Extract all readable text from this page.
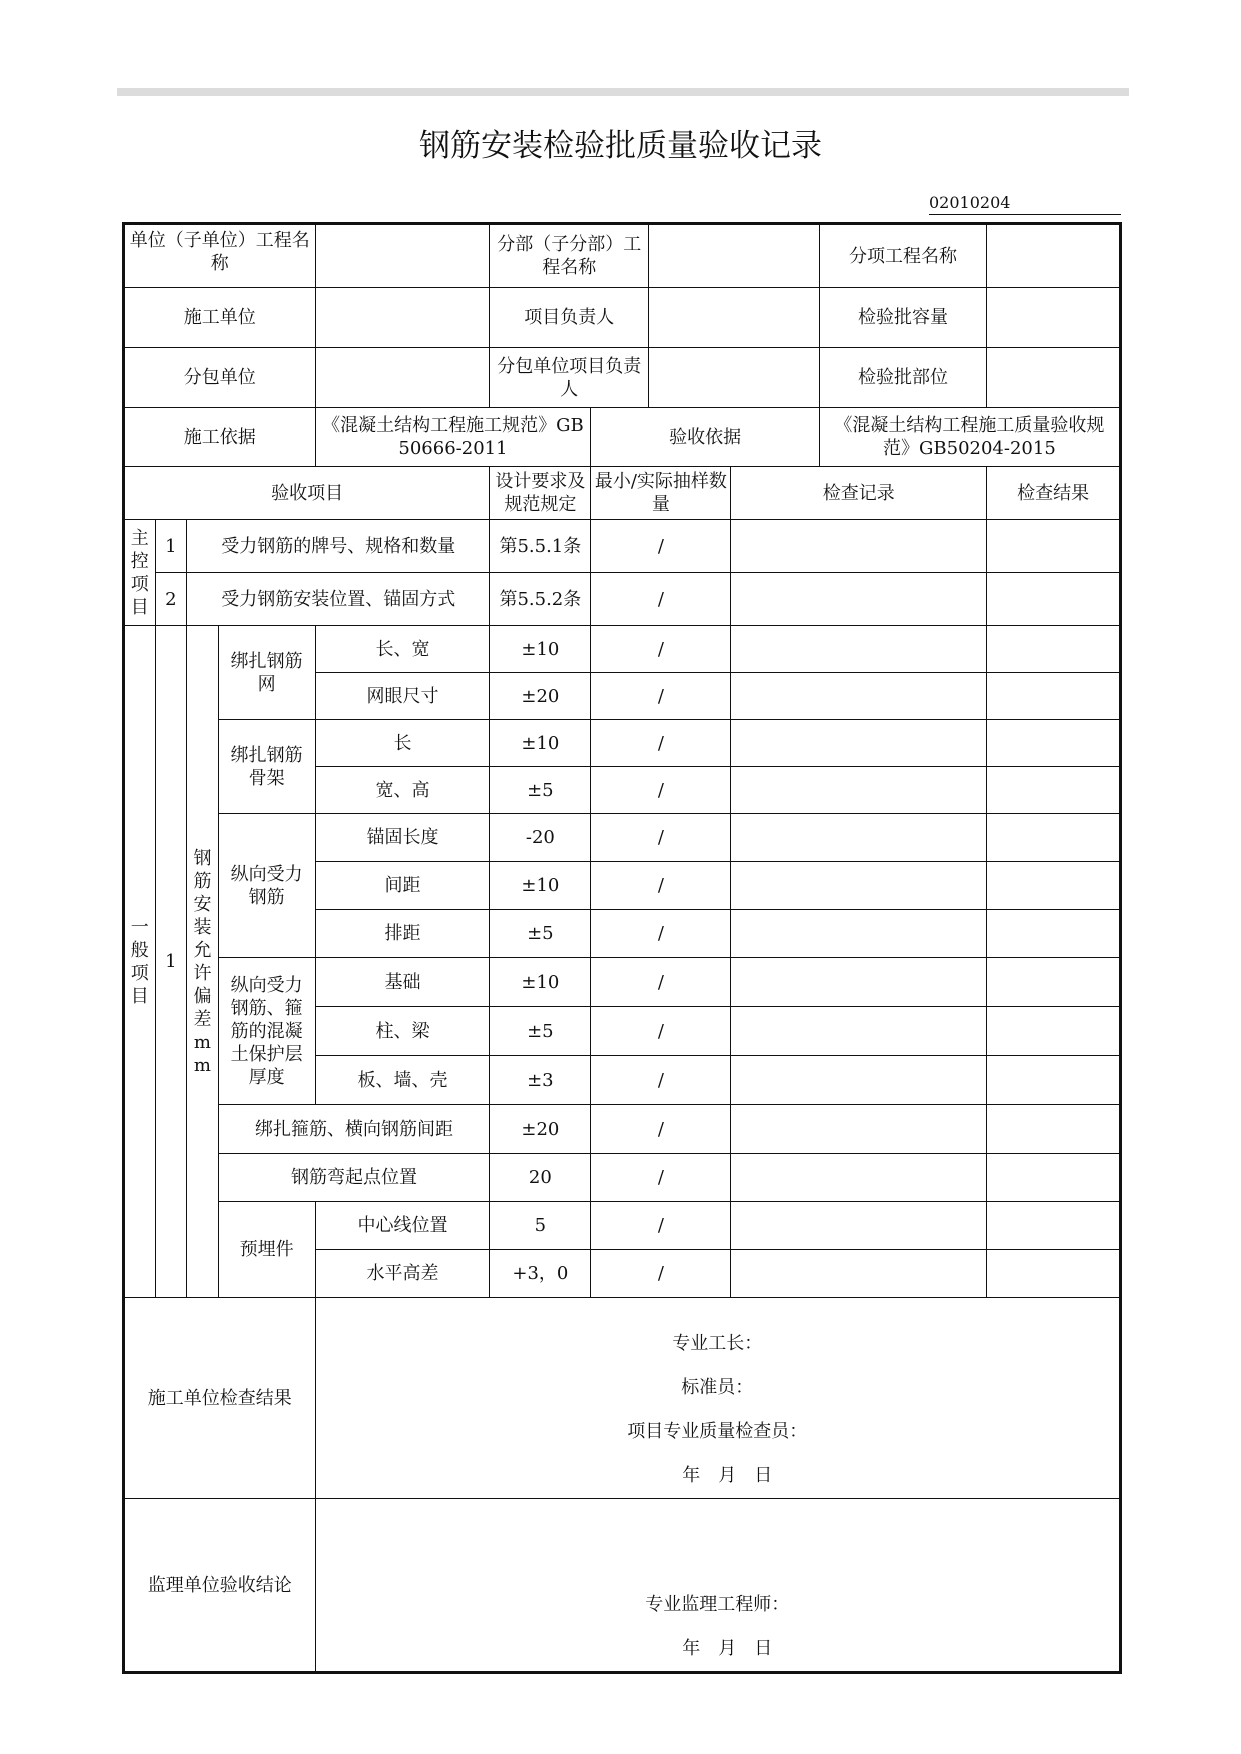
钢筋安装检验批质量验收记录
02010204
单位（子单位）工程名称					分部（子分部）工程名称				分项工程名称	
施工单位					项目负责人				检验批容量	
分包单位					分包单位项目负责人				检验批部位	
施工依据				《混凝土结构工程施工规范》GB 50666-2011		验收依据			《混凝土结构工程施工质量验收规范》GB50204-2015	
验收项目					设计要求及规范规定	最小/实际抽样数量		检查记录		检查结果
主控项目	1	受力钢筋的牌号、规格和数量			第5.5.1条	/				
	2	受力钢筋安装位置、锚固方式			第5.5.2条	/				
一般项目	1	钢筋安装允许偏差mm	绑扎钢筋网	长、宽	±10	/				
				网眼尺寸	±20	/				
			绑扎钢筋骨架	长	±10	/				
				宽、高	±5	/				
			纵向受力钢筋	锚固长度	-20	/				
				间距	±10	/				
				排距	±5	/				
			纵向受力钢筋、箍筋的混凝土保护层厚度	基础	±10	/				
				柱、梁	±5	/				
				板、墙、壳	±3	/				
			绑扎箍筋、横向钢筋间距		±20	/				
			钢筋弯起点位置		20	/				
			预埋件	中心线位置	5	/				
				水平高差	+3，0	/				
施工单位检查结果				专业工长：
标准员：
项目专业质量检查员：
年　月　日						

监理单位验收结论				专业监理工程师：
年　月　日						
